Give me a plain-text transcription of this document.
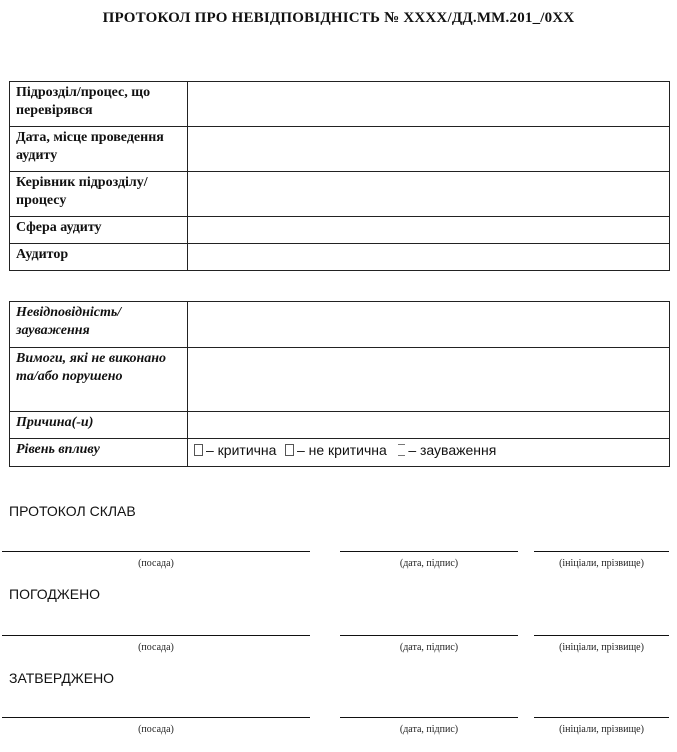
ПРОТОКОЛ ПРО НЕВІДПОВІДНІСТЬ № XXXX/ДД.ММ.201_/0XX
Підрозділ/процес, що перевірявся	
Дата, місце проведення аудиту	
Керівник підрозділу/ процесу	
Сфера аудиту	
Аудитор	
Невідповідність/ зауваження	
Вимоги, які не виконано та/або порушено	
Причина(-и)	
Рівень впливу	– критична – не критична – зауваження
ПРОТОКОЛ СКЛАВ
(посада)	(дата, підпис)	(ініціали, прізвище)
ПОГОДЖЕНО
(посада)	(дата, підпис)	(ініціали, прізвище)
ЗАТВЕРДЖЕНО
(посада)	(дата, підпис)	(ініціали, прізвище)
